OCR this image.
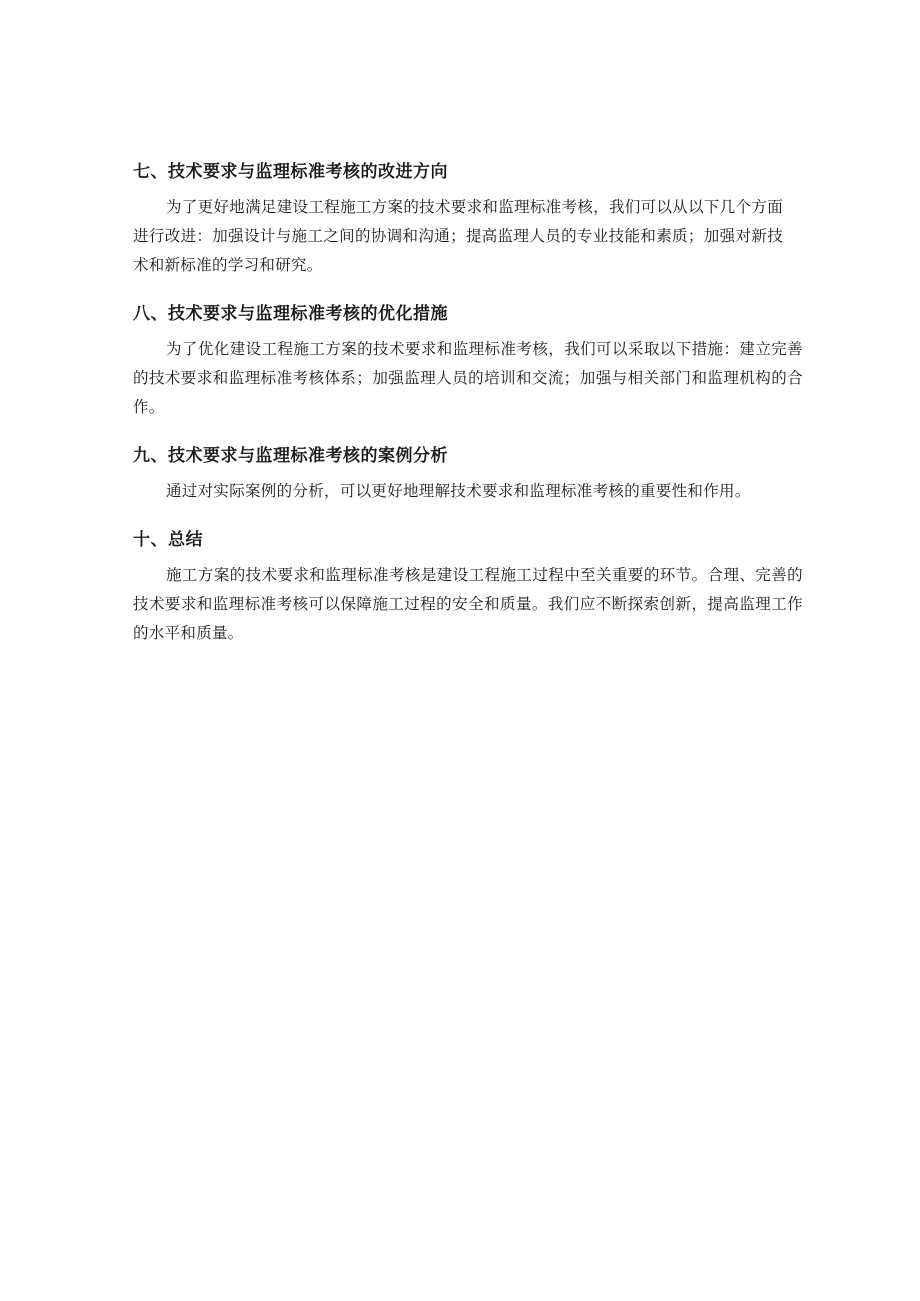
七、技术要求与监理标准考核的改进方向

为了更好地满足建设工程施工方案的技术要求和监理标准考核，我们可以从以下几个方面进行改进：加强设计与施工之间的协调和沟通；提高监理人员的专业技能和素质；加强对新技术和新标准的学习和研究。

八、技术要求与监理标准考核的优化措施

为了优化建设工程施工方案的技术要求和监理标准考核，我们可以采取以下措施：建立完善的技术要求和监理标准考核体系；加强监理人员的培训和交流；加强与相关部门和监理机构的合作。

九、技术要求与监理标准考核的案例分析

通过对实际案例的分析，可以更好地理解技术要求和监理标准考核的重要性和作用。

十、总结

施工方案的技术要求和监理标准考核是建设工程施工过程中至关重要的环节。合理、完善的技术要求和监理标准考核可以保障施工过程的安全和质量。我们应不断探索创新，提高监理工作的水平和质量。
